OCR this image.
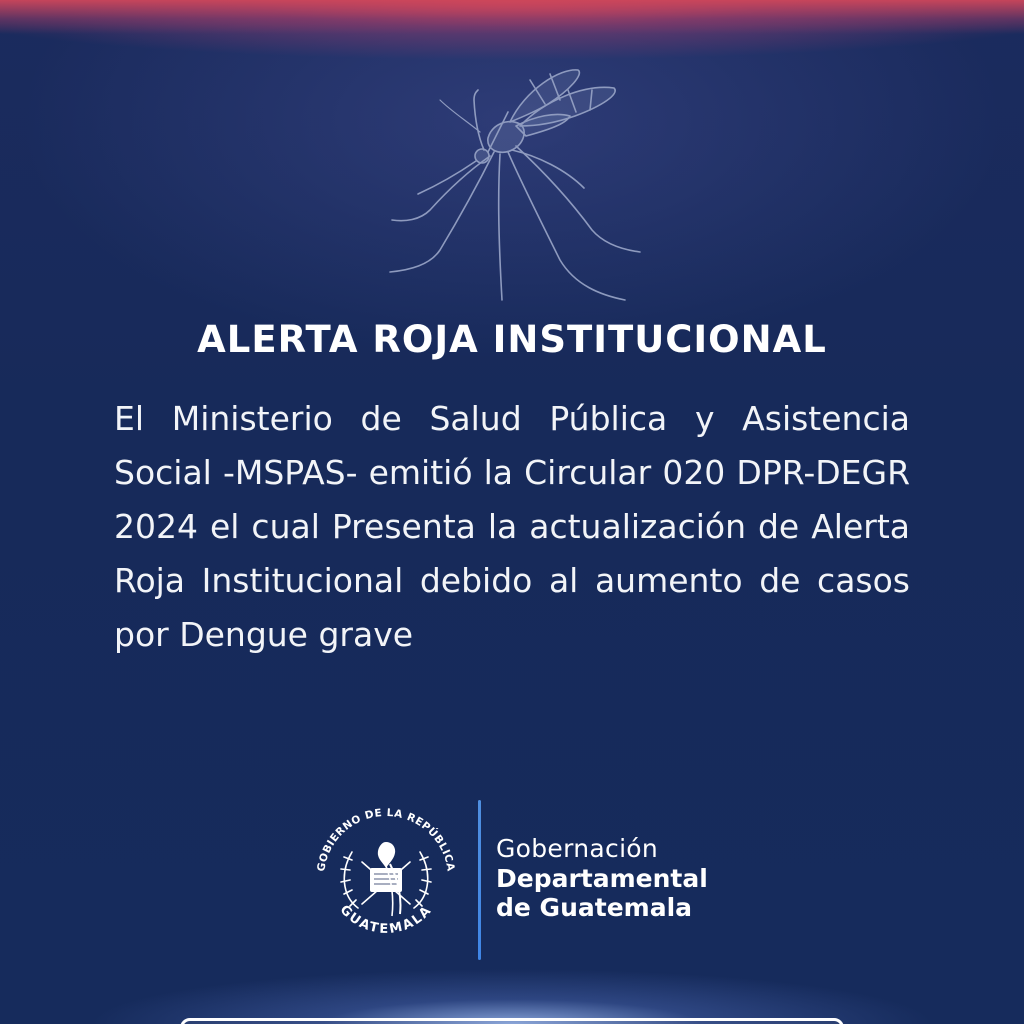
ALERTA ROJA INSTITUCIONAL

El Ministerio de Salud Pública y Asistencia Social -MSPAS- emitió la Circular 020 DPR-DEGR 2024 el cual Presenta la actualización de Alerta Roja Institucional debido al aumento de casos por Dengue grave

GOBIERNO DE LA REPÚBLICA
GUATEMALA
Gobernación
Departamental
de Guatemala
